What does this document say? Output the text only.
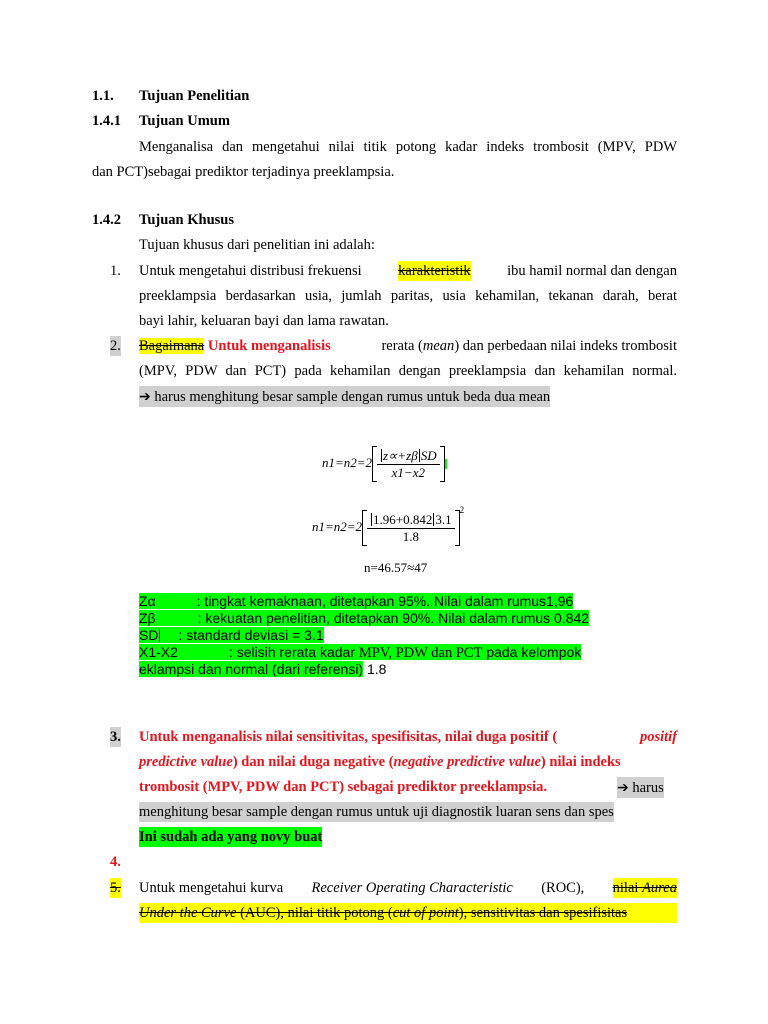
1.1. Tujuan Penelitian
1.4.1 Tujuan Umum
Menganalisa dan mengetahui nilai titik potong kadar indeks trombosit (MPV, PDW
dan PCT)sebagai prediktor terjadinya preeklampsia.
1.4.2 Tujuan Khusus
Tujuan khusus dari penelitian ini adalah:
1. Untuk mengetahui distribusi frekuensi	karakteristik	ibu hamil normal dan dengan
preeklampsia berdasarkan usia, jumlah paritas, usia kehamilan, tekanan darah, berat
bayi lahir, keluaran bayi dan lama rawatan.
2. Bagaimana Untuk menganalisis	rerata (mean) dan perbedaan nilai indeks trombosit
(MPV, PDW dan PCT) pada kehamilan dengan preeklampsia dan kehamilan normal.
➔ harus menghitung besar sample dengan rumus untuk beda dua mean
$n1=n2=2 \frac{\text{z∝+zβ SD}}{x1-x2}$

$n1=n2=2 \frac{1.96+0.842 3.1}{1.8}$
$^2$
n=46.57≈47
Zα	: tingkat kemaknaan, ditetapkan 95%. Nilai dalam rumus1,96
Zβ	: kekuatan penelitian, ditetapkan 90%. Nilai dalam rumus 0.842
SD : standard deviasi = 3.1
X1-X2	: selisih rerata kadar MPV, PDW dan PCT pada kelompok
eklampsi dan normal (dari referensi) 1.8
3. Untuk menganalisis nilai sensitivitas, spesifisitas, nilai duga positif (	positif
predictive value) dan nilai duga negative (negative predictive value) nilai indeks
trombosit (MPV, PDW dan PCT) sebagai prediktor preeklampsia.	➔ harus
menghitung besar sample dengan rumus untuk uji diagnostik luaran sens dan spes
Ini sudah ada yang novy buat
4.
5. Untuk mengetahui kurva Receiver Operating Characteristic (ROC), nilai Aurea
Under the Curve (AUC), nilai titik potong (cut of point), sensitivitas dan spesifisitas
